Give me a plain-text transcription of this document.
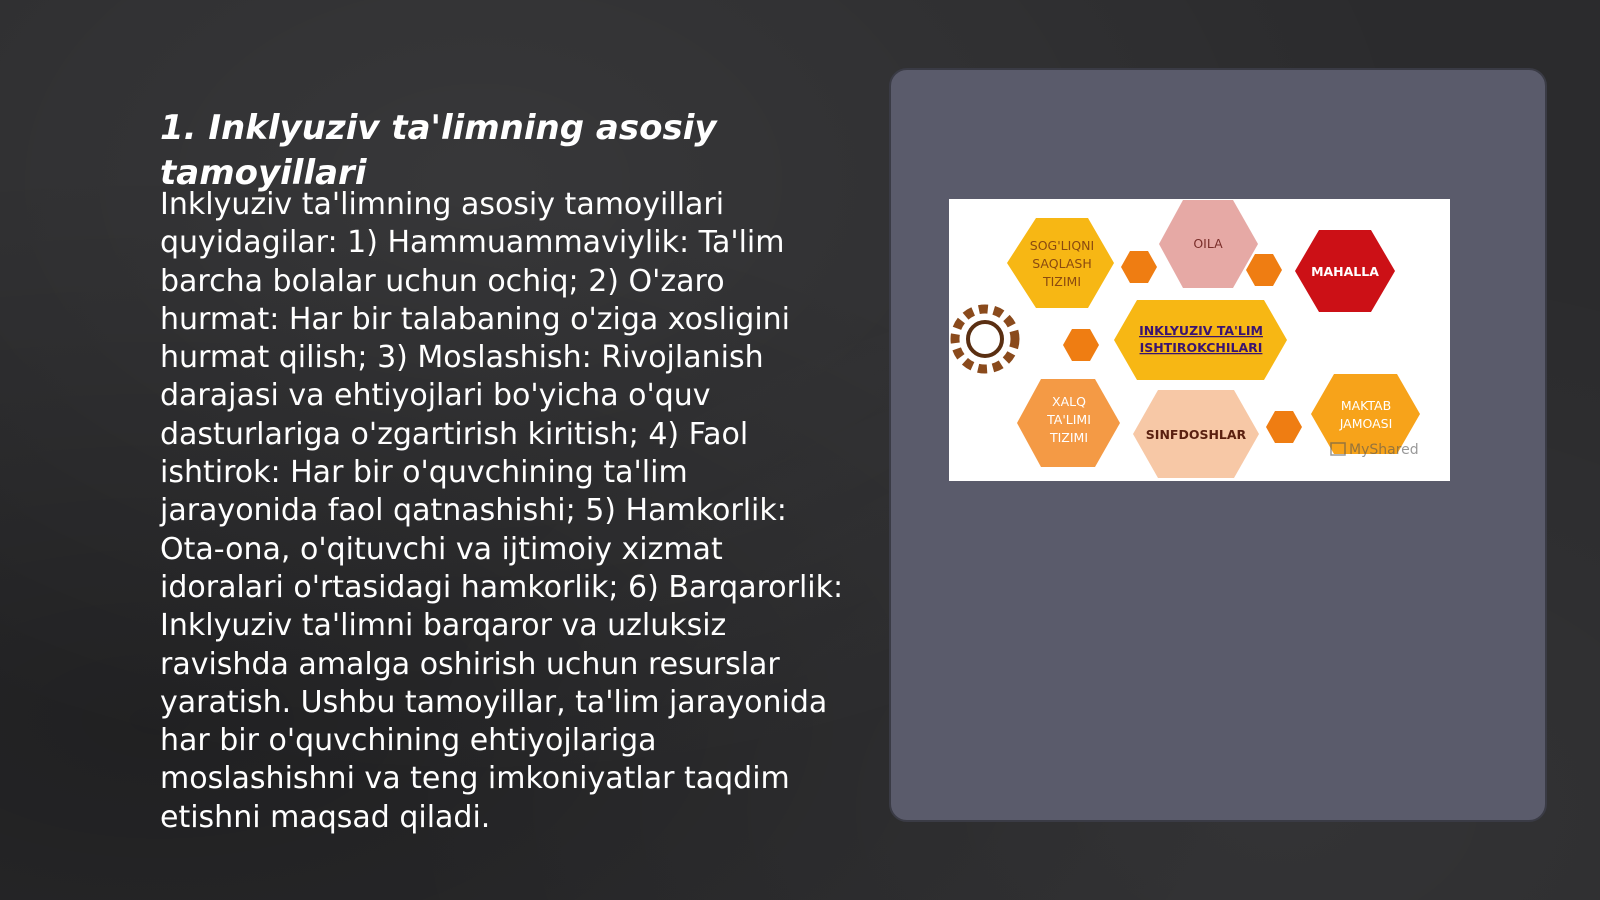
1. Inklyuziv ta'limning asosiy tamoyillari

Inklyuziv ta'limning asosiy tamoyillari quyidagilar: 1) Hammuammaviylik: Ta'lim barcha bolalar uchun ochiq; 2) O'zaro hurmat: Har bir talabaning o'ziga xosligini hurmat qilish; 3) Moslashish: Rivojlanish darajasi va ehtiyojlari bo'yicha o'quv dasturlariga o'zgartirish kiritish; 4) Faol ishtirok: Har bir o'quvchining ta'lim jarayonida faol qatnashishi; 5) Hamkorlik: Ota-ona, o'qituvchi va ijtimoiy xizmat idoralari o'rtasidagi hamkorlik; 6) Barqarorlik: Inklyuziv ta'limni barqaror va uzluksiz ravishda amalga oshirish uchun resurslar yaratish. Ushbu tamoyillar, ta'lim jarayonida har bir o'quvchining ehtiyojlariga moslashishni va teng imkoniyatlar taqdim etishni maqsad qiladi.

SOG'LIQNI
SAQLASH
TIZIMI
OILA
MAHALLA
INKLYUZIV TA'LIM
ISHTIROKCHILARI
XALQ
TA'LIMI
TIZIMI	SINFDOSHLAR
MAKTAB
JAMOASI
MyShared
